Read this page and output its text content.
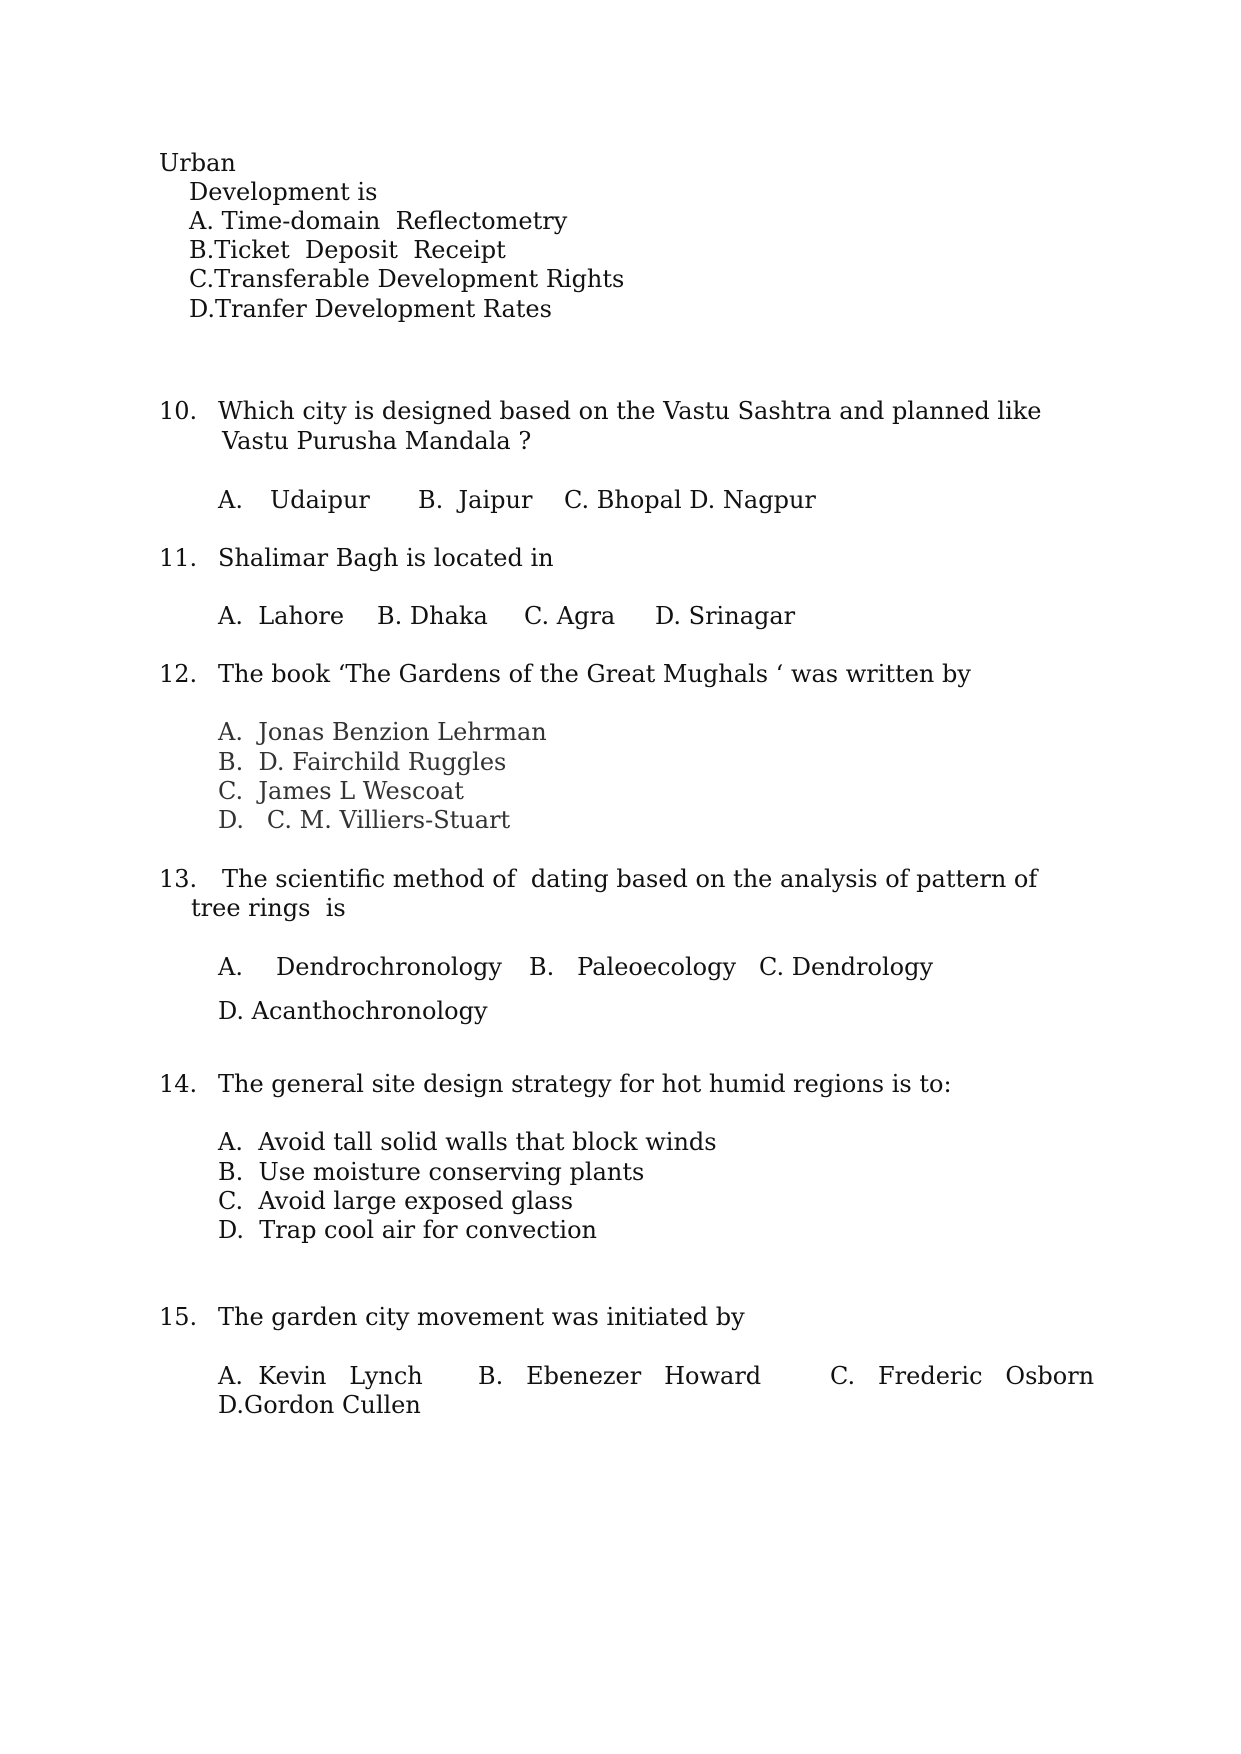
Urban
Development is
A. Time-domain  Reflectometry
B.Ticket  Deposit  Receipt
C.Transferable Development Rights
D.Tranfer Development Rates
10. Which city is designed based on the Vastu Sashtra and planned like
Vastu Purusha Mandala ?
A. Udaipur B.  Jaipur C. Bhopal D. Nagpur
11. Shalimar Bagh is located in
A.  Lahore B. Dhaka C. Agra D. Srinagar
12. The book ‘The Gardens of the Great Mughals ‘ was written by
A.  Jonas Benzion Lehrman
B.  D. Fairchild Ruggles
C.  James L Wescoat
D.   C. M. Villiers-Stuart
13. The scientific method of  dating based on the analysis of pattern of
tree rings  is
A. Dendrochronology B.   Paleoecology C. Dendrology
D. Acanthochronology
14. The general site design strategy for hot humid regions is to:
A.  Avoid tall solid walls that block winds
B.  Use moisture conserving plants
C.  Avoid large exposed glass
D.  Trap cool air for convection
15. The garden city movement was initiated by
A.  Kevin   Lynch B.   Ebenezer   Howard	C.   Frederic   Osborn
D.Gordon Cullen
